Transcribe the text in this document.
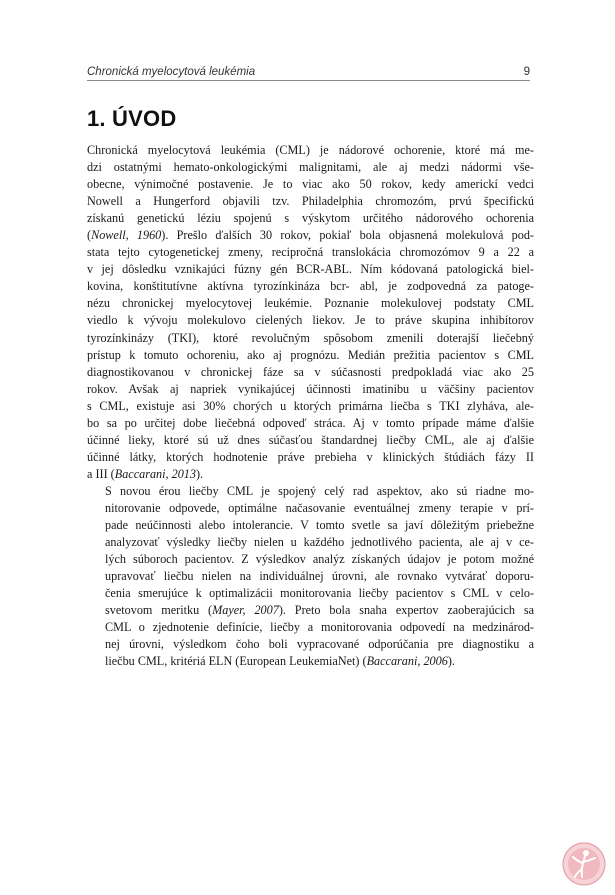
Chronická myelocytová leukémia	9
1. ÚVOD

Chronická myelocytová leukémia (CML) je nádorové ochorenie, ktoré má me-
dzi ostatnými hemato-onkologickými malignitami, ale aj medzi nádormi vše-
obecne, výnimočné postavenie. Je to viac ako 50 rokov, kedy americkí vedci
Nowell a Hungerford objavili tzv. Philadelphia chromozóm, prvú špecifickú
získanú genetickú léziu spojenú s výskytom určitého nádorového ochorenia
(Nowell, 1960). Prešlo ďalších 30 rokov, pokiaľ bola objasnená molekulová pod-
stata tejto cytogenetickej zmeny, recipročná translokácia chromozómov 9 a 22 a
v jej dôsledku vznikajúci fúzny gén BCR-ABL. Ním kódovaná patologická biel-
kovina, konštitutívne aktívna tyrozínkináza bcr- abl, je zodpovedná za patoge-
nézu chronickej myelocytovej leukémie. Poznanie molekulovej podstaty CML
viedlo k vývoju molekulovo cielených liekov. Je to práve skupina inhibítorov
tyrozínkinázy (TKI), ktoré revolučným spôsobom zmenili doterajší liečebný
prístup k tomuto ochoreniu, ako aj prognózu. Medián prežitia pacientov s CML
diagnostikovanou v chronickej fáze sa v súčasnosti predpokladá viac ako 25
rokov. Avšak aj napriek vynikajúcej účinnosti imatinibu u väčšiny pacientov
s CML, existuje asi 30% chorých u ktorých primárna liečba s TKI zlyháva, ale-
bo sa po určitej dobe liečebná odpoveď stráca. Aj v tomto prípade máme ďalšie
účinné lieky, ktoré sú už dnes súčasťou štandardnej liečby CML, ale aj ďalšie
účinné látky, ktorých hodnotenie práve prebieha v klinických štúdiách fázy II
a III (Baccarani, 2013).

S novou érou liečby CML je spojený celý rad aspektov, ako sú riadne mo-
nitorovanie odpovede, optimálne načasovanie eventuálnej zmeny terapie v prí-
pade neúčinnosti alebo intolerancie. V tomto svetle sa javí dôležitým priebežne
analyzovať výsledky liečby nielen u každého jednotlivého pacienta, ale aj v ce-
lých súboroch pacientov. Z výsledkov analýz získaných údajov je potom možné
upravovať liečbu nielen na individuálnej úrovni, ale rovnako vytvárať doporu-
čenia smerujúce k optimalizácii monitorovania liečby pacientov s CML v celo-
svetovom meritku (Mayer, 2007). Preto bola snaha expertov zaoberajúcich sa
CML o zjednotenie definície, liečby a monitorovania odpovedí na medzinárod-
nej úrovni, výsledkom čoho boli vypracované odporúčania pre diagnostiku a
liečbu CML, kritériá ELN (European LeukemiaNet) (Baccarani, 2006).
